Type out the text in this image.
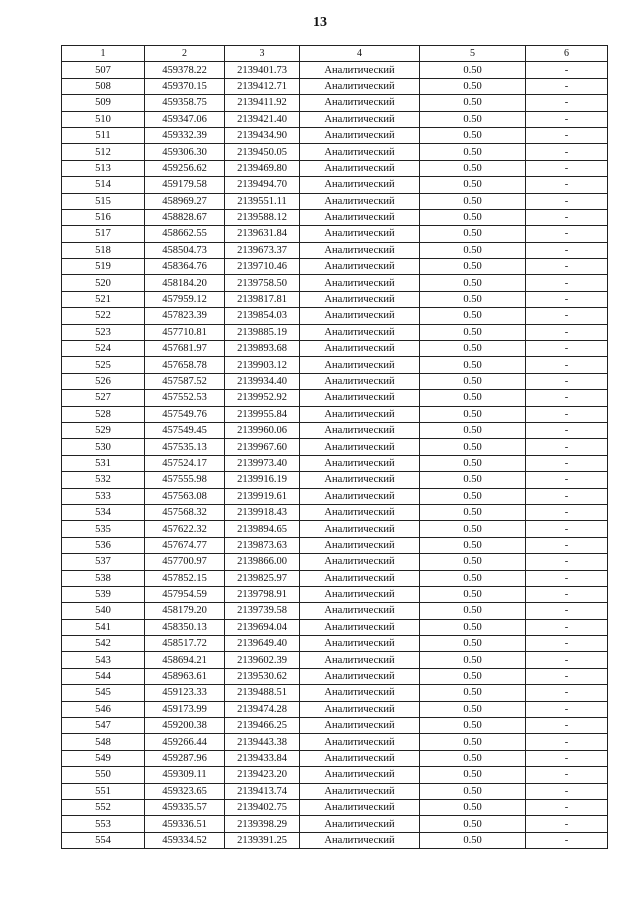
13
1	2	3	4	5	6
507	459378.22	2139401.73	Аналитический	0.50	-
508	459370.15	2139412.71	Аналитический	0.50	-
509	459358.75	2139411.92	Аналитический	0.50	-
510	459347.06	2139421.40	Аналитический	0.50	-
511	459332.39	2139434.90	Аналитический	0.50	-
512	459306.30	2139450.05	Аналитический	0.50	-
513	459256.62	2139469.80	Аналитический	0.50	-
514	459179.58	2139494.70	Аналитический	0.50	-
515	458969.27	2139551.11	Аналитический	0.50	-
516	458828.67	2139588.12	Аналитический	0.50	-
517	458662.55	2139631.84	Аналитический	0.50	-
518	458504.73	2139673.37	Аналитический	0.50	-
519	458364.76	2139710.46	Аналитический	0.50	-
520	458184.20	2139758.50	Аналитический	0.50	-
521	457959.12	2139817.81	Аналитический	0.50	-
522	457823.39	2139854.03	Аналитический	0.50	-
523	457710.81	2139885.19	Аналитический	0.50	-
524	457681.97	2139893.68	Аналитический	0.50	-
525	457658.78	2139903.12	Аналитический	0.50	-
526	457587.52	2139934.40	Аналитический	0.50	-
527	457552.53	2139952.92	Аналитический	0.50	-
528	457549.76	2139955.84	Аналитический	0.50	-
529	457549.45	2139960.06	Аналитический	0.50	-
530	457535.13	2139967.60	Аналитический	0.50	-
531	457524.17	2139973.40	Аналитический	0.50	-
532	457555.98	2139916.19	Аналитический	0.50	-
533	457563.08	2139919.61	Аналитический	0.50	-
534	457568.32	2139918.43	Аналитический	0.50	-
535	457622.32	2139894.65	Аналитический	0.50	-
536	457674.77	2139873.63	Аналитический	0.50	-
537	457700.97	2139866.00	Аналитический	0.50	-
538	457852.15	2139825.97	Аналитический	0.50	-
539	457954.59	2139798.91	Аналитический	0.50	-
540	458179.20	2139739.58	Аналитический	0.50	-
541	458350.13	2139694.04	Аналитический	0.50	-
542	458517.72	2139649.40	Аналитический	0.50	-
543	458694.21	2139602.39	Аналитический	0.50	-
544	458963.61	2139530.62	Аналитический	0.50	-
545	459123.33	2139488.51	Аналитический	0.50	-
546	459173.99	2139474.28	Аналитический	0.50	-
547	459200.38	2139466.25	Аналитический	0.50	-
548	459266.44	2139443.38	Аналитический	0.50	-
549	459287.96	2139433.84	Аналитический	0.50	-
550	459309.11	2139423.20	Аналитический	0.50	-
551	459323.65	2139413.74	Аналитический	0.50	-
552	459335.57	2139402.75	Аналитический	0.50	-
553	459336.51	2139398.29	Аналитический	0.50	-
554	459334.52	2139391.25	Аналитический	0.50	-
